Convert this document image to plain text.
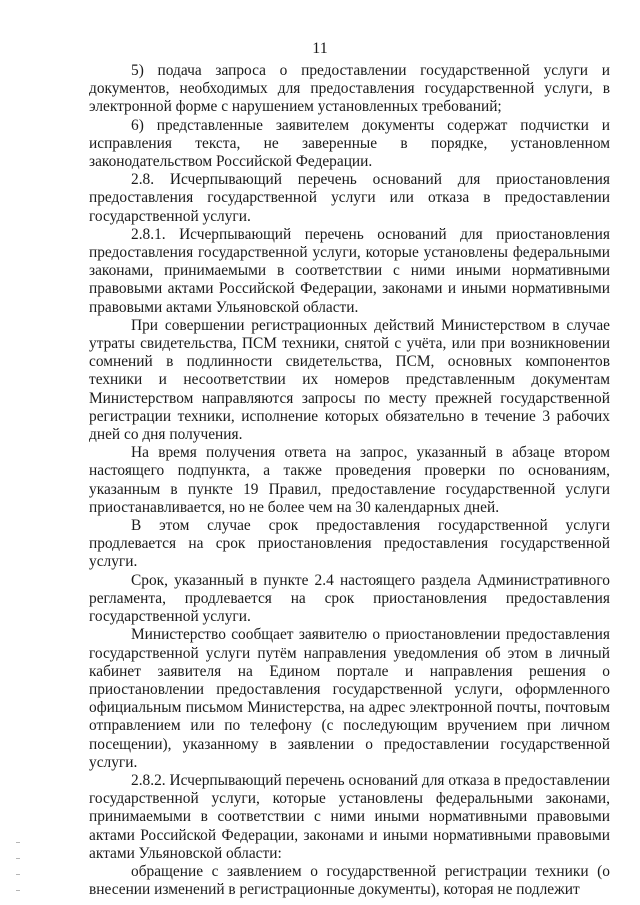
11

5) подача запроса о предоставлении государственной услуги и документов, необходимых для предоставления государственной услуги, в электронной форме с нарушением установленных требований;

6) представленные заявителем документы содержат подчистки и исправления текста, не заверенные в порядке, установленном законодательством Российской Федерации.

2.8. Исчерпывающий перечень оснований для приостановления предоставления государственной услуги или отказа в предоставлении государственной услуги.

2.8.1. Исчерпывающий перечень оснований для приостановления предоставления государственной услуги, которые установлены федеральными законами, принимаемыми в соответствии с ними иными нормативными правовыми актами Российской Федерации, законами и иными нормативными правовыми актами Ульяновской области.

При совершении регистрационных действий Министерством в случае утраты свидетельства, ПСМ техники, снятой с учёта, или при возникновении сомнений в подлинности свидетельства, ПСМ, основных компонентов техники и несоответствии их номеров представленным документам Министерством направляются запросы по месту прежней государственной регистрации техники, исполнение которых обязательно в течение 3 рабочих дней со дня получения.

На время получения ответа на запрос, указанный в абзаце втором настоящего подпункта, а также проведения проверки по основаниям, указанным в пункте 19 Правил, предоставление государственной услуги приостанавливается, но не более чем на 30 календарных дней.

В этом случае срок предоставления государственной услуги продлевается на срок приостановления предоставления государственной услуги.

Срок, указанный в пункте 2.4 настоящего раздела Административного регламента, продлевается на срок приостановления предоставления государственной услуги.

Министерство сообщает заявителю о приостановлении предоставления государственной услуги путём направления уведомления об этом в личный кабинет заявителя на Едином портале и направления решения о приостановлении предоставления государственной услуги, оформленного официальным письмом Министерства, на адрес электронной почты, почтовым отправлением или по телефону (с последующим вручением при личном посещении), указанному в заявлении о предоставлении государственной услуги.

2.8.2. Исчерпывающий перечень оснований для отказа в предоставлении государственной услуги, которые установлены федеральными законами, принимаемыми в соответствии с ними иными нормативными правовыми актами Российской Федерации, законами и иными нормативными правовыми актами Ульяновской области:

обращение с заявлением о государственной регистрации техники (о внесении изменений в регистрационные документы), которая не подлежит
